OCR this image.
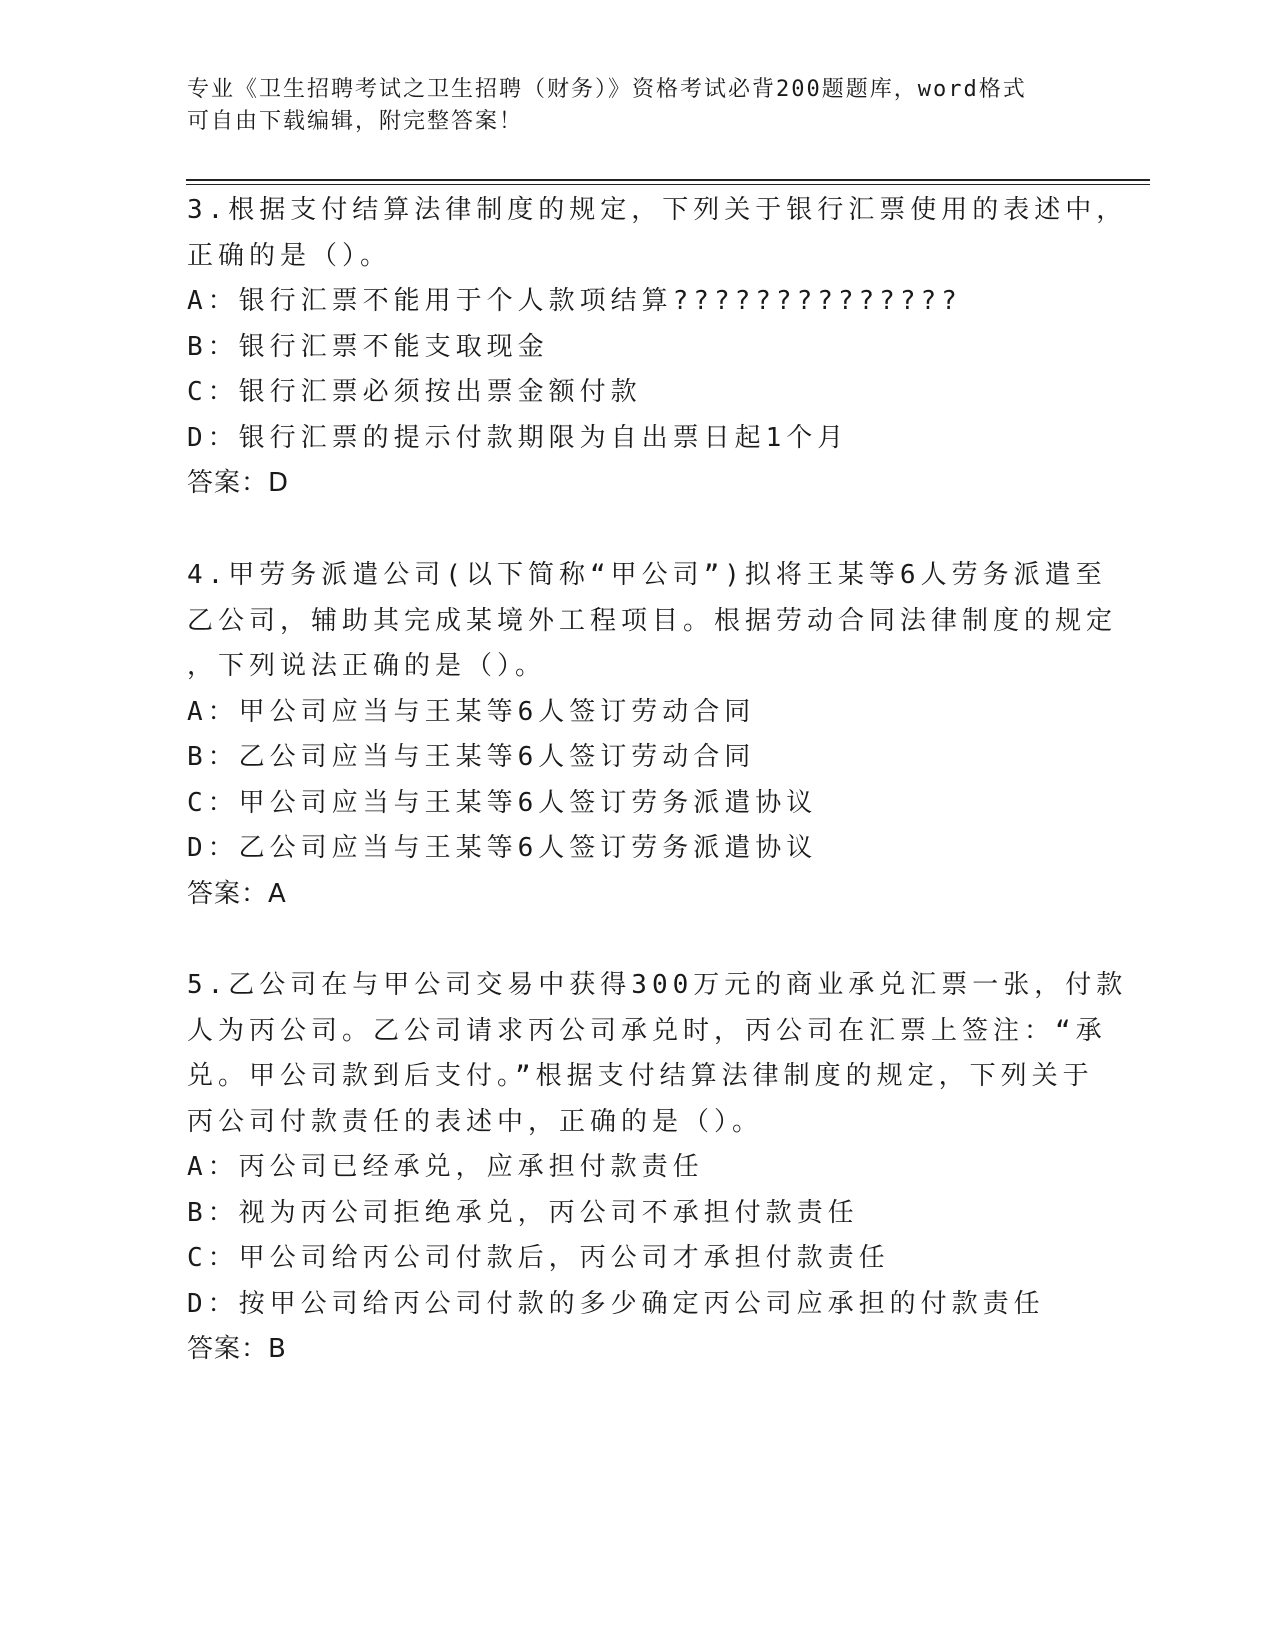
专业《卫生招聘考试之卫生招聘（财务）》资格考试必背200题题库，word格式
可自由下载编辑，附完整答案！
3.根据支付结算法律制度的规定，下列关于银行汇票使用的表述中，
正确的是（）。
A：银行汇票不能用于个人款项结算??????????????
B：银行汇票不能支取现金
C：银行汇票必须按出票金额付款
D：银行汇票的提示付款期限为自出票日起1个月
答案：D
4.甲劳务派遣公司(以下简称“甲公司”)拟将王某等6人劳务派遣至
乙公司，辅助其完成某境外工程项目。根据劳动合同法律制度的规定
，下列说法正确的是（）。
A：甲公司应当与王某等6人签订劳动合同
B：乙公司应当与王某等6人签订劳动合同
C：甲公司应当与王某等6人签订劳务派遣协议
D：乙公司应当与王某等6人签订劳务派遣协议
答案：A
5.乙公司在与甲公司交易中获得300万元的商业承兑汇票一张，付款
人为丙公司。乙公司请求丙公司承兑时，丙公司在汇票上签注：“承
兑。甲公司款到后支付。”根据支付结算法律制度的规定，下列关于
丙公司付款责任的表述中，正确的是（）。
A：丙公司已经承兑，应承担付款责任
B：视为丙公司拒绝承兑，丙公司不承担付款责任
C：甲公司给丙公司付款后，丙公司才承担付款责任
D：按甲公司给丙公司付款的多少确定丙公司应承担的付款责任
答案：B
